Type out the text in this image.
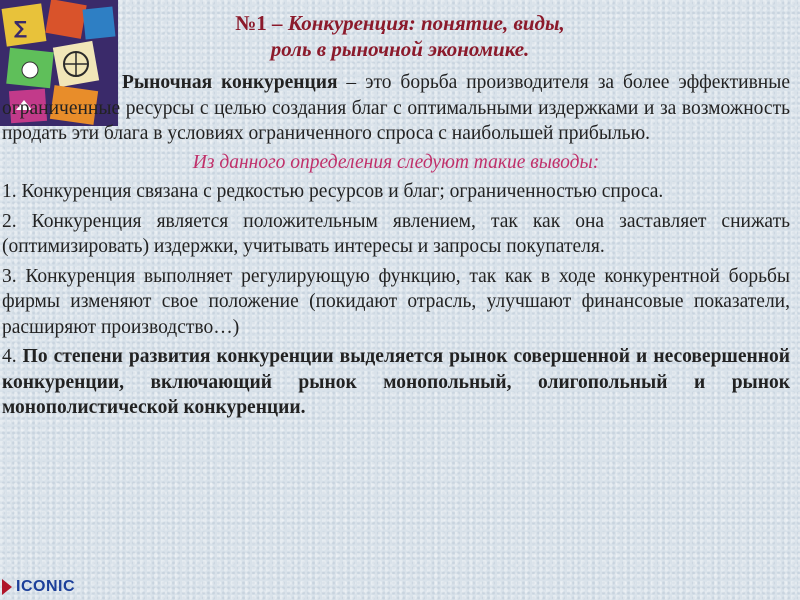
∑	№1 – Конкуренция: понятие, виды,
роль в рыночной экономике.

Рыночная конкуренция – это борьба производителя за более эффективные ограниченные ресурсы с целью создания благ с оптимальными издержками и за возможность продать эти блага в условиях ограниченного спроса с наибольшей прибылью.

Из данного определения следуют такие выводы:

1. Конкуренция связана с редкостью ресурсов и благ; ограниченностью спроса.

2. Конкуренция является положительным явлением, так как она заставляет снижать (оптимизировать) издержки, учитывать интересы и запросы покупателя.

3. Конкуренция выполняет регулирующую функцию, так как в ходе конкурентной борьбы фирмы изменяют свое положение (покидают отрасль, улучшают финансовые показатели, расширяют производство…)

4. По степени развития конкуренции выделяется рынок совершенной и несовершенной конкуренции, включающий рынок монопольный, олигопольный и рынок монополистической конкуренции.

ICONIC
